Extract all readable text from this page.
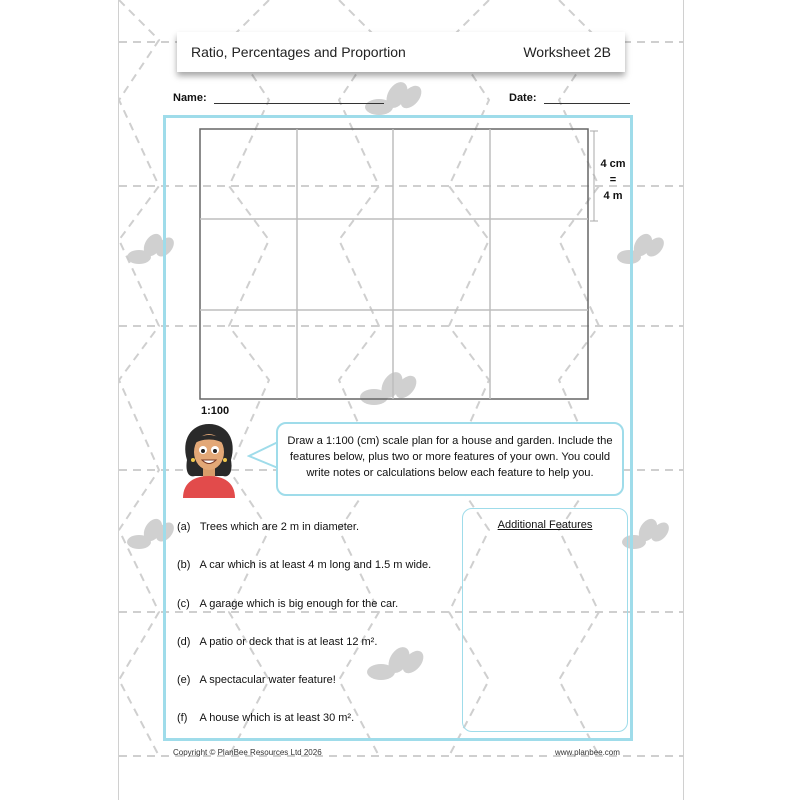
Ratio, Percentages and Proportion	Worksheet 2B
Name:	Date:
4 cm
=
4 m
1:100
Draw a 1:100 (cm) scale plan for a house and garden. Include the features below, plus two or more features of your own. You could write notes or calculations below each feature to help you.
(a) Trees which are 2 m in diameter.
(b) A car which is at least 4 m long and 1.5 m wide.
(c) A garage which is big enough for the car.
(d) A patio or deck that is at least 12 m².
(e) A spectacular water feature!
(f) A house which is at least 30 m².
Additional Features
Copyright © PlanBee Resources Ltd 2026	www.planbee.com
